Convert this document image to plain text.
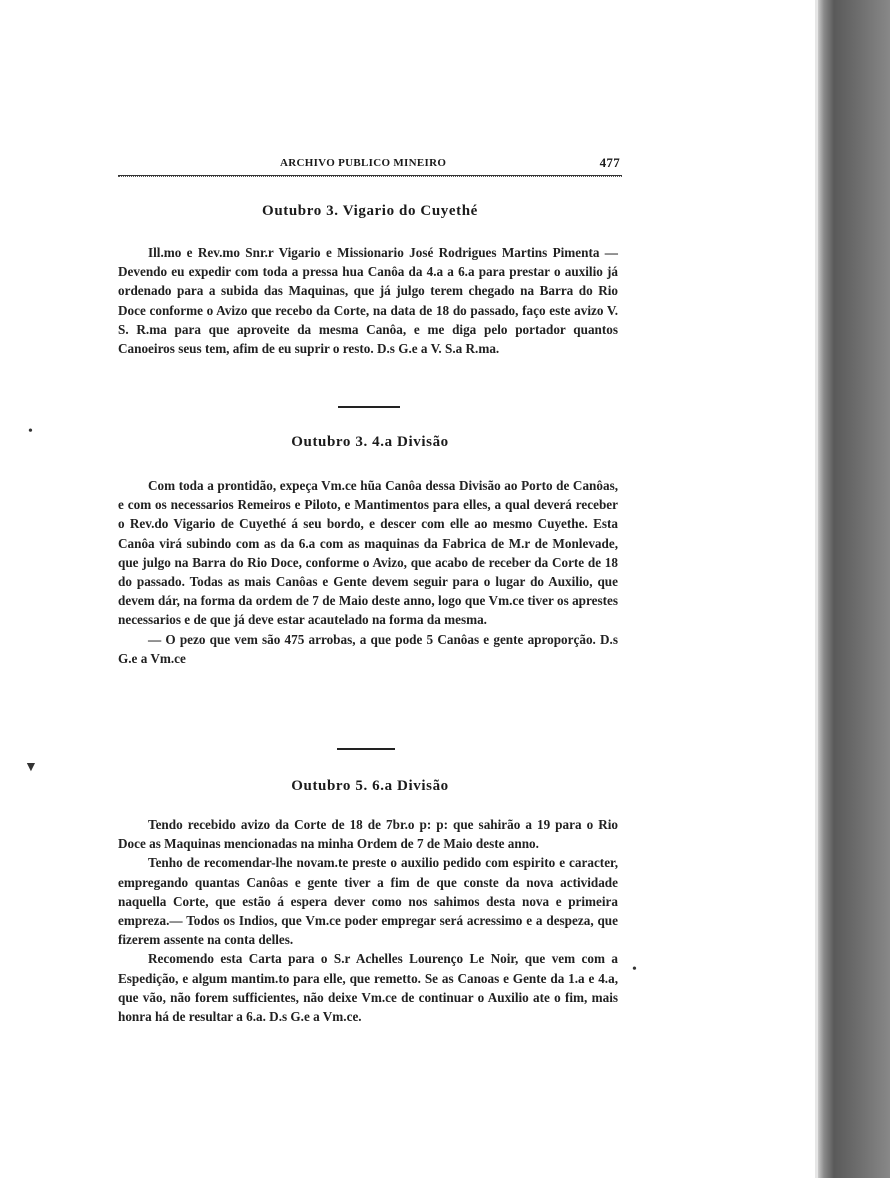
ARCHIVO PUBLICO MINEIRO	477
Outubro 3. Vigario do Cuyethé

Ill.mo e Rev.mo Snr.r Vigario e Missionario José Rodrigues Martins Pimenta — Devendo eu expedir com toda a pressa hua Canôa da 4.a a 6.a para prestar o auxilio já ordenado para a subida das Maquinas, que já julgo terem chegado na Barra do Rio Doce conforme o Avizo que recebo da Corte, na data de 18 do passado, faço este avizo V. S. R.ma para que aproveite da mesma Canôa, e me diga pelo portador quantos Canoeiros seus tem, afim de eu suprir o resto. D.s G.e a V. S.a R.ma.

Outubro 3. 4.a Divisão

Com toda a prontidão, expeça Vm.ce hũa Canôa dessa Divisão ao Porto de Canôas, e com os necessarios Remeiros e Piloto, e Mantimentos para elles, a qual deverá receber o Rev.do Vigario de Cuyethé á seu bordo, e descer com elle ao mesmo Cuyethe. Esta Canôa virá subindo com as da 6.a com as maquinas da Fabrica de M.r de Monlevade, que julgo na Barra do Rio Doce, conforme o Avizo, que acabo de receber da Corte de 18 do passado. Todas as mais Canôas e Gente devem seguir para o lugar do Auxilio, que devem dár, na forma da ordem de 7 de Maio deste anno, logo que Vm.ce tiver os aprestes necessarios e de que já deve estar acautelado na forma da mesma.

— O pezo que vem são 475 arrobas, a que pode 5 Canôas e gente aproporção. D.s G.e a Vm.ce

Outubro 5. 6.a Divisão

Tendo recebido avizo da Corte de 18 de 7br.o p: p: que sahirão a 19 para o Rio Doce as Maquinas mencionadas na minha Ordem de 7 de Maio deste anno.

Tenho de recomendar-lhe novam.te preste o auxilio pedido com espirito e caracter, empregando quantas Canôas e gente tiver a fim de que conste da nova actividade naquella Corte, que estão á espera dever como nos sahimos desta nova e primeira empreza.— Todos os Indios, que Vm.ce poder empregar será acressimo e a despeza, que fizerem assente na conta delles.

Recomendo esta Carta para o S.r Achelles Lourenço Le Noir, que vem com a Espedição, e algum mantim.to para elle, que remetto. Se as Canoas e Gente da 1.a e 4.a, que vão, não forem sufficientes, não deixe Vm.ce de continuar o Auxilio ate o fim, mais honra há de resultar a 6.a. D.s G.e a Vm.ce.

•
▼
•
